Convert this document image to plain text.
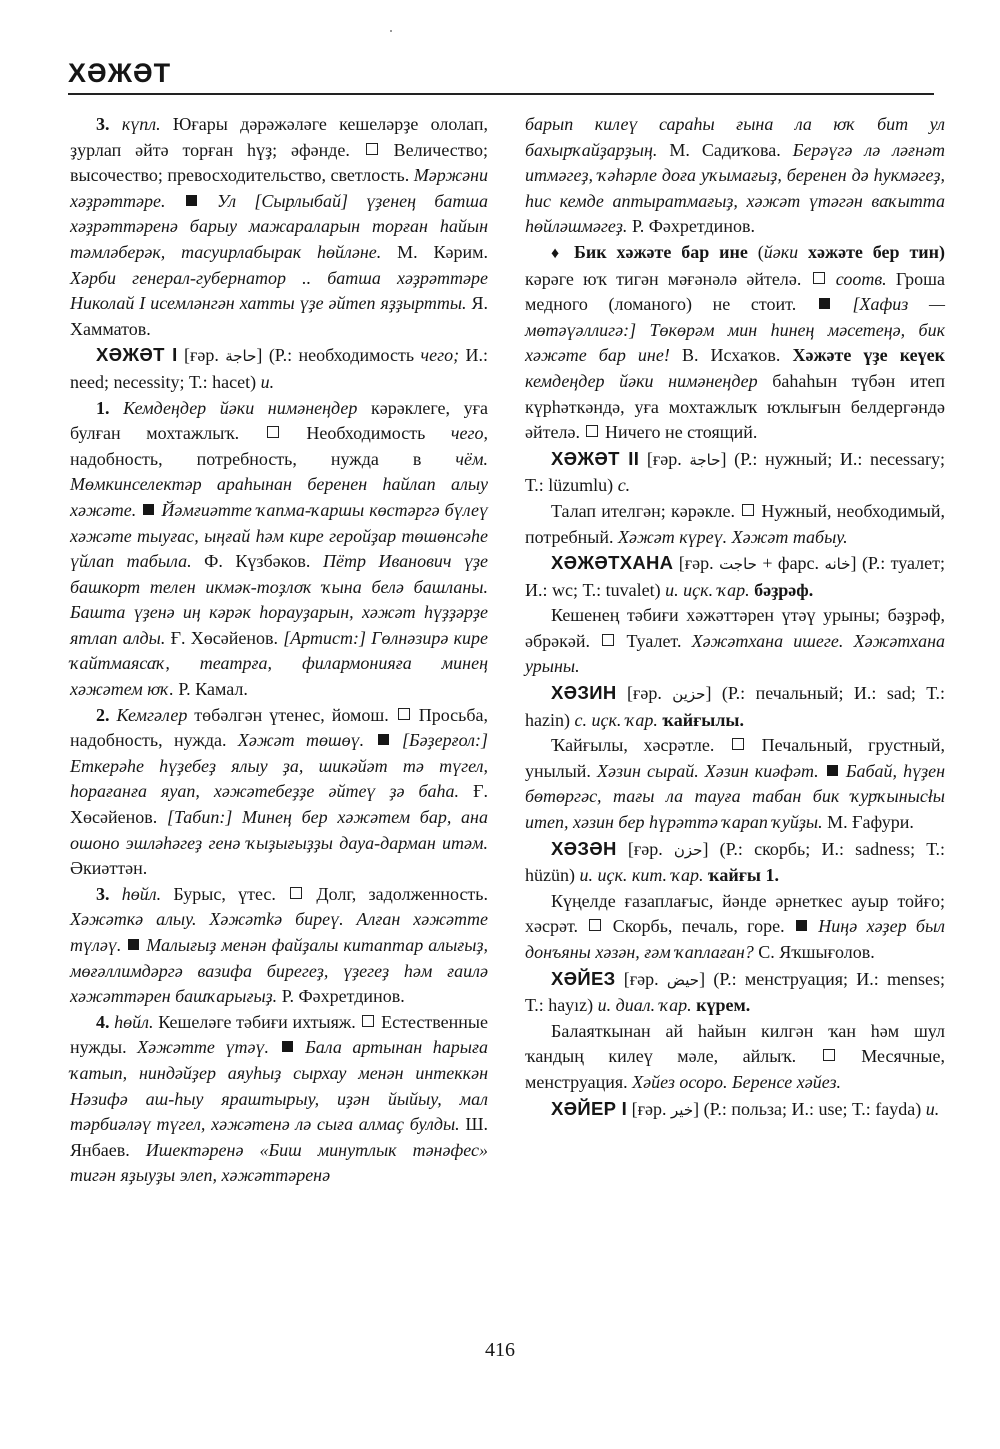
ХӘЖӘТ

3. күпл. Юғары дәрәжәләге кешеләрҙе ололап, ҙурлап әйтә торған һүҙ; әфәнде.  Величество; высочество; превосходительство, светлость. Мәржәни хәҙрәттәре.  Ул [Сырлыбай] үҙенең батша хәҙрәттәренә барыу мажараларын торған һайын тәмләберәк, тасуирлабырак һөйләне. М. Кәрим. Хәрби генерал-губернатор .. батша хәҙрәттәре Николай I исемләнгән хатты үҙе әйтеп яҙҙыртты. Я. Хамматов.

ХӘЖӘТ I [ғәр. حاجة] (Р.: необходимость чего; И.: need; necessity; Т.: hacet) и.

1. Кемдеңдер йәки нимәнеңдер кәрәклеге, уға булған мохтажлыҡ.  Необходимость чего, надобность, потребность, нужда в чём. Мөмкинселектәр араһынан беренен һайлап алыу хәжәте.  Йәмғиәтте ҡапма-ҡаршы көстәргә бүлеү хәжәте тыуғас, ыңғай һәм кире геройҙар төшөнсәһе үйлап табыла. Ф. Күзбәков. Пётр Иванович үҙе башкорт телен икмәк-тоҙлоҡ ҡына белә башланы. Башта үҙенә иң кәрәк һорауҙарын, хәжәт һүҙҙәрҙе ятлап алды. Ғ. Хөсәйенов. [Артист:] Гөлнәзирә кире ҡайтмаясаҡ, театрға, филармонияға минең хәжәтем юҡ. Р. Камал.

2. Кемгәлер төбәлгән үтенес, йомош.  Просьба, надобность, нужда. Хәжәт төшөү.  [Бәҙерғол:] Еткерәһе һүҙебеҙ ялыу ҙа, шикәйәт тә түгел, һорағанға яуап, хәжәтебеҙҙе әйтеү ҙә баһа. Ғ. Хөсәйенов. [Табип:] Минең бер хәжәтем бар, ана ошоно эшләһәгеҙ генә ҡыҙығыҙҙы дауа-дарман итәм. Әкиәттән.

3. һөйл. Бурыс, үтес.  Долг, задолженность. Хәжәткә алыу. Хәжәтkә биреү. Алған хәжәтте түләү.  Малығыҙ менән файҙалы китаптар алығыҙ, мөғәллимдәргә вазифа бирегеҙ, үҙегеҙ һәм ғаилә хәжәттәрен башҡарығыҙ. Р. Фәхретдинов.

4. һөйл. Кешеләге тәбиғи ихтыяж.  Естественные нужды. Хәжәтте үтәү.  Бала артынан һарыға ҡатып, ниндәйҙер аяуһыҙ сырхау менән интеккән Нәзифә аш-һыу яраштырыу, иҙән йыйыу, мал тәрбиәләү түгел, хәжәтенә лә сыға алмаҫ булды. Ш. Янбаев. Ишектәренә «Биш минутлык тәнәфес» тигән яҙыуҙы элеп, хәжәттәренә

барып килеү сараһы ғына ла юҡ бит ул бахырҡайҙарҙың. М. Садиҡова. Берәүгә лә ләғнәт итмәгеҙ, ҡәһәрле доға уҡымағыҙ, беренен дә һукмәгеҙ, һис кемде аптыратмағыҙ, хәжәт үтәгән ваҡытта һөйләшмәгеҙ. Р. Фәхретдинов.

♦ Бик хәжәте бар ине (йәки хәжәте бер тин) кәрәге юҡ тигән мәғәнәлә әйтелә.  соотв. Гроша медного (ломаного) не стоит.  [Хафиз — мөтәүәллигә:] Төкөрәм мин һинең мәсетеңә, бик хәжәте бар ине! В. Исхаҡов. Хәжәте үҙе кеүек кемдеңдер йәки нимәнеңдер баһаһын түбән итеп күрһәткәндә, уға мохтажлыҡ юҡлығын белдергәндә әйтелә.  Ничего не стоящий.

ХӘЖӘТ II [ғәр. حاجة] (Р.: нужный; И.: necessary; Т.: lüzumlu) с.

Талап ителгән; кәрәкле.  Нужный, необходимый, потребный. Хәжәт күреү. Хәжәт табыу.

ХӘЖӘТХАНА [ғәр. حاجت + фарс. خانه] (Р.: туалет; И.: wc; Т.: tuvalet) и. иҫк. ҡар. бәҙрәф.

Кешенең тәбиғи хәжәттәрен үтәү урыны; бәҙрәф, әбрәкәй.  Туалет. Хәжәтхана ишеге. Хәжәтхана урыны.

ХӘЗИН [ғәр. حزين] (Р.: печальный; И.: sad; Т.: hazin) с. иҫк. ҡар. ҡайғылы.

Ҡайғылы, хәсрәтле.  Печальный, грустный, унылый. Хәзин сырай. Хәзин киәфәт.  Бабай, һүҙен бөтөргәс, тағы ла тауға табан бик ҡурҡынысłы итеп, хәзин бер һүрәттә ҡарап ҡуйҙы. М. Ғафури.

ХӘЗӘН [ғәр. حزن] (Р.: скорбь; И.: sadness; Т.: hüzün) и. иҫк. кит. ҡар. ҡайғы 1.

Күңелде ғазаплағыс, йәнде әрнеткес ауыр тойғо; хәсрәт.  Скорбь, печаль, горе.  Ниңә хәҙер был донъяны хәзән, ғәм ҡаплаған? С. Яҡшығолов.

ХӘЙЕЗ [ғәр. حيض] (Р.: менструация; И.: menses; Т.: hayız) и. диал. ҡар. күрем.

Балаяткынан ай һайын килгән ҡан һәм шул ҡандың килеү мәле, айлыҡ.  Месячные, менструация. Хәйез осоро. Беренсе хәйез.

ХӘЙЕР I [ғәр. خير] (Р.: польза; И.: use; Т.: fayda) и.

416
